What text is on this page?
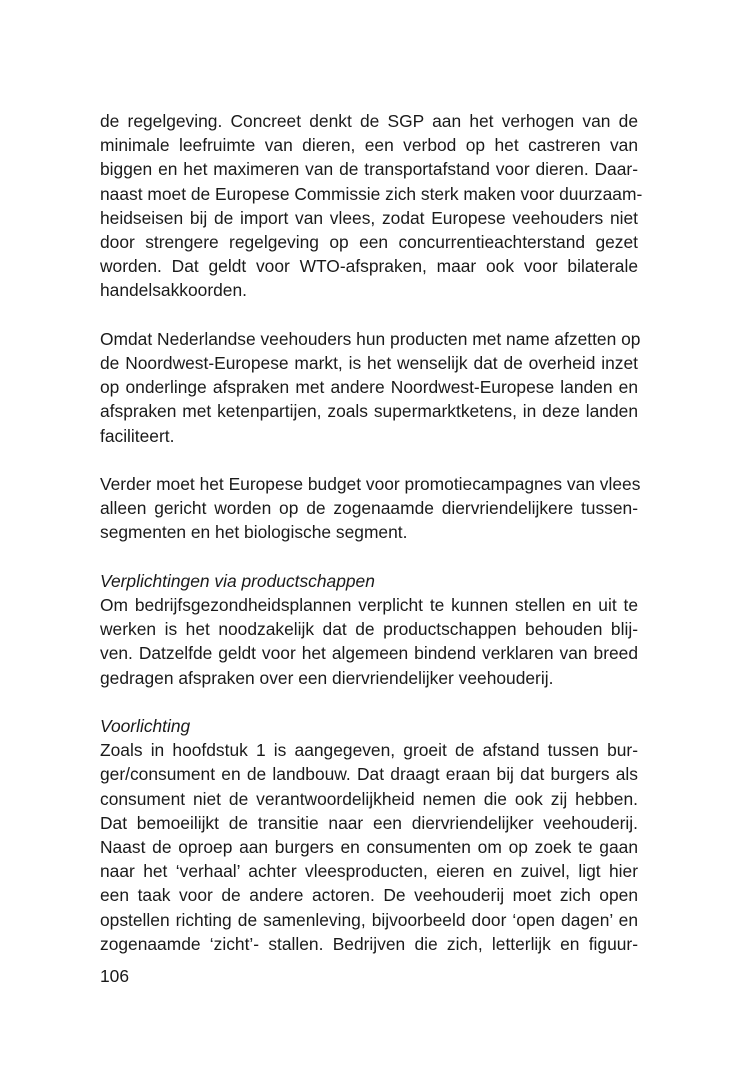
de regelgeving. Concreet denkt de SGP aan het verhogen van de
minimale leefruimte van dieren, een verbod op het castreren van
biggen en het maximeren van de transportafstand voor dieren. Daar-
naast moet de Europese Commissie zich sterk maken voor duurzaam-
heidseisen bij de import van vlees, zodat Europese veehouders niet
door strengere regelgeving op een concurrentieachterstand gezet
worden. Dat geldt voor WTO-afspraken, maar ook voor bilaterale
handelsakkoorden.
Omdat Nederlandse veehouders hun producten met name afzetten op
de Noordwest-Europese markt, is het wenselijk dat de overheid inzet
op onderlinge afspraken met andere Noordwest-Europese landen en
afspraken met ketenpartijen, zoals supermarktketens, in deze landen
faciliteert.
Verder moet het Europese budget voor promotiecampagnes van vlees
alleen gericht worden op de zogenaamde diervriendelijkere tussen-
segmenten en het biologische segment.
Verplichtingen via productschappen
Om bedrijfsgezondheidsplannen verplicht te kunnen stellen en uit te
werken is het noodzakelijk dat de productschappen behouden blij-
ven. Datzelfde geldt voor het algemeen bindend verklaren van breed
gedragen afspraken over een diervriendelijker veehouderij.
Voorlichting
Zoals in hoofdstuk 1 is aangegeven, groeit de afstand tussen bur-
ger/consument en de landbouw. Dat draagt eraan bij dat burgers als
consument niet de verantwoordelijkheid nemen die ook zij hebben.
Dat bemoeilijkt de transitie naar een diervriendelijker veehouderij.
Naast de oproep aan burgers en consumenten om op zoek te gaan
naar het ‘verhaal’ achter vleesproducten, eieren en zuivel, ligt hier
een taak voor de andere actoren. De veehouderij moet zich open
opstellen richting de samenleving, bijvoorbeeld door ‘open dagen’ en
zogenaamde ‘zicht’- stallen. Bedrijven die zich, letterlijk en figuur-
106
